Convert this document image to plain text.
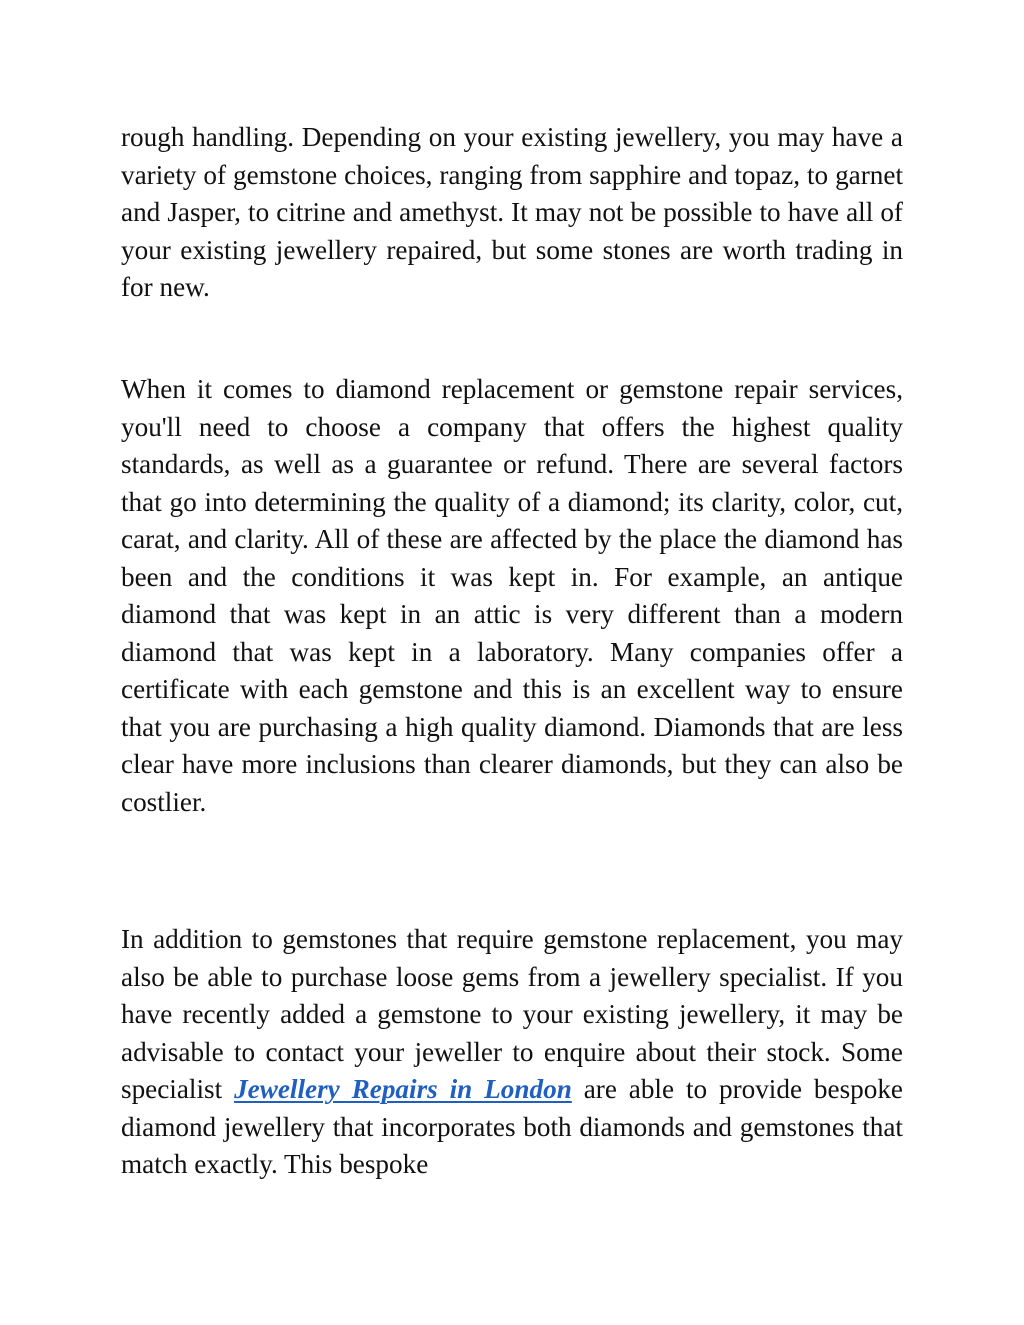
rough handling. Depending on your existing jewellery, you may have a variety of gemstone choices, ranging from sapphire and topaz, to garnet and Jasper, to citrine and amethyst. It may not be possible to have all of your existing jewellery repaired, but some stones are worth trading in for new.

When it comes to diamond replacement or gemstone repair services, you'll need to choose a company that offers the highest quality standards, as well as a guarantee or refund. There are several factors that go into determining the quality of a diamond; its clarity, color, cut, carat, and clarity. All of these are affected by the place the diamond has been and the conditions it was kept in. For example, an antique diamond that was kept in an attic is very different than a modern diamond that was kept in a laboratory. Many companies offer a certificate with each gemstone and this is an excellent way to ensure that you are purchasing a high quality diamond. Diamonds that are less clear have more inclusions than clearer diamonds, but they can also be costlier.

In addition to gemstones that require gemstone replacement, you may also be able to purchase loose gems from a jewellery specialist. If you have recently added a gemstone to your existing jewellery, it may be advisable to contact your jeweller to enquire about their stock. Some specialist Jewellery Repairs in London are able to provide bespoke diamond jewellery that incorporates both diamonds and gemstones that match exactly. This bespoke
